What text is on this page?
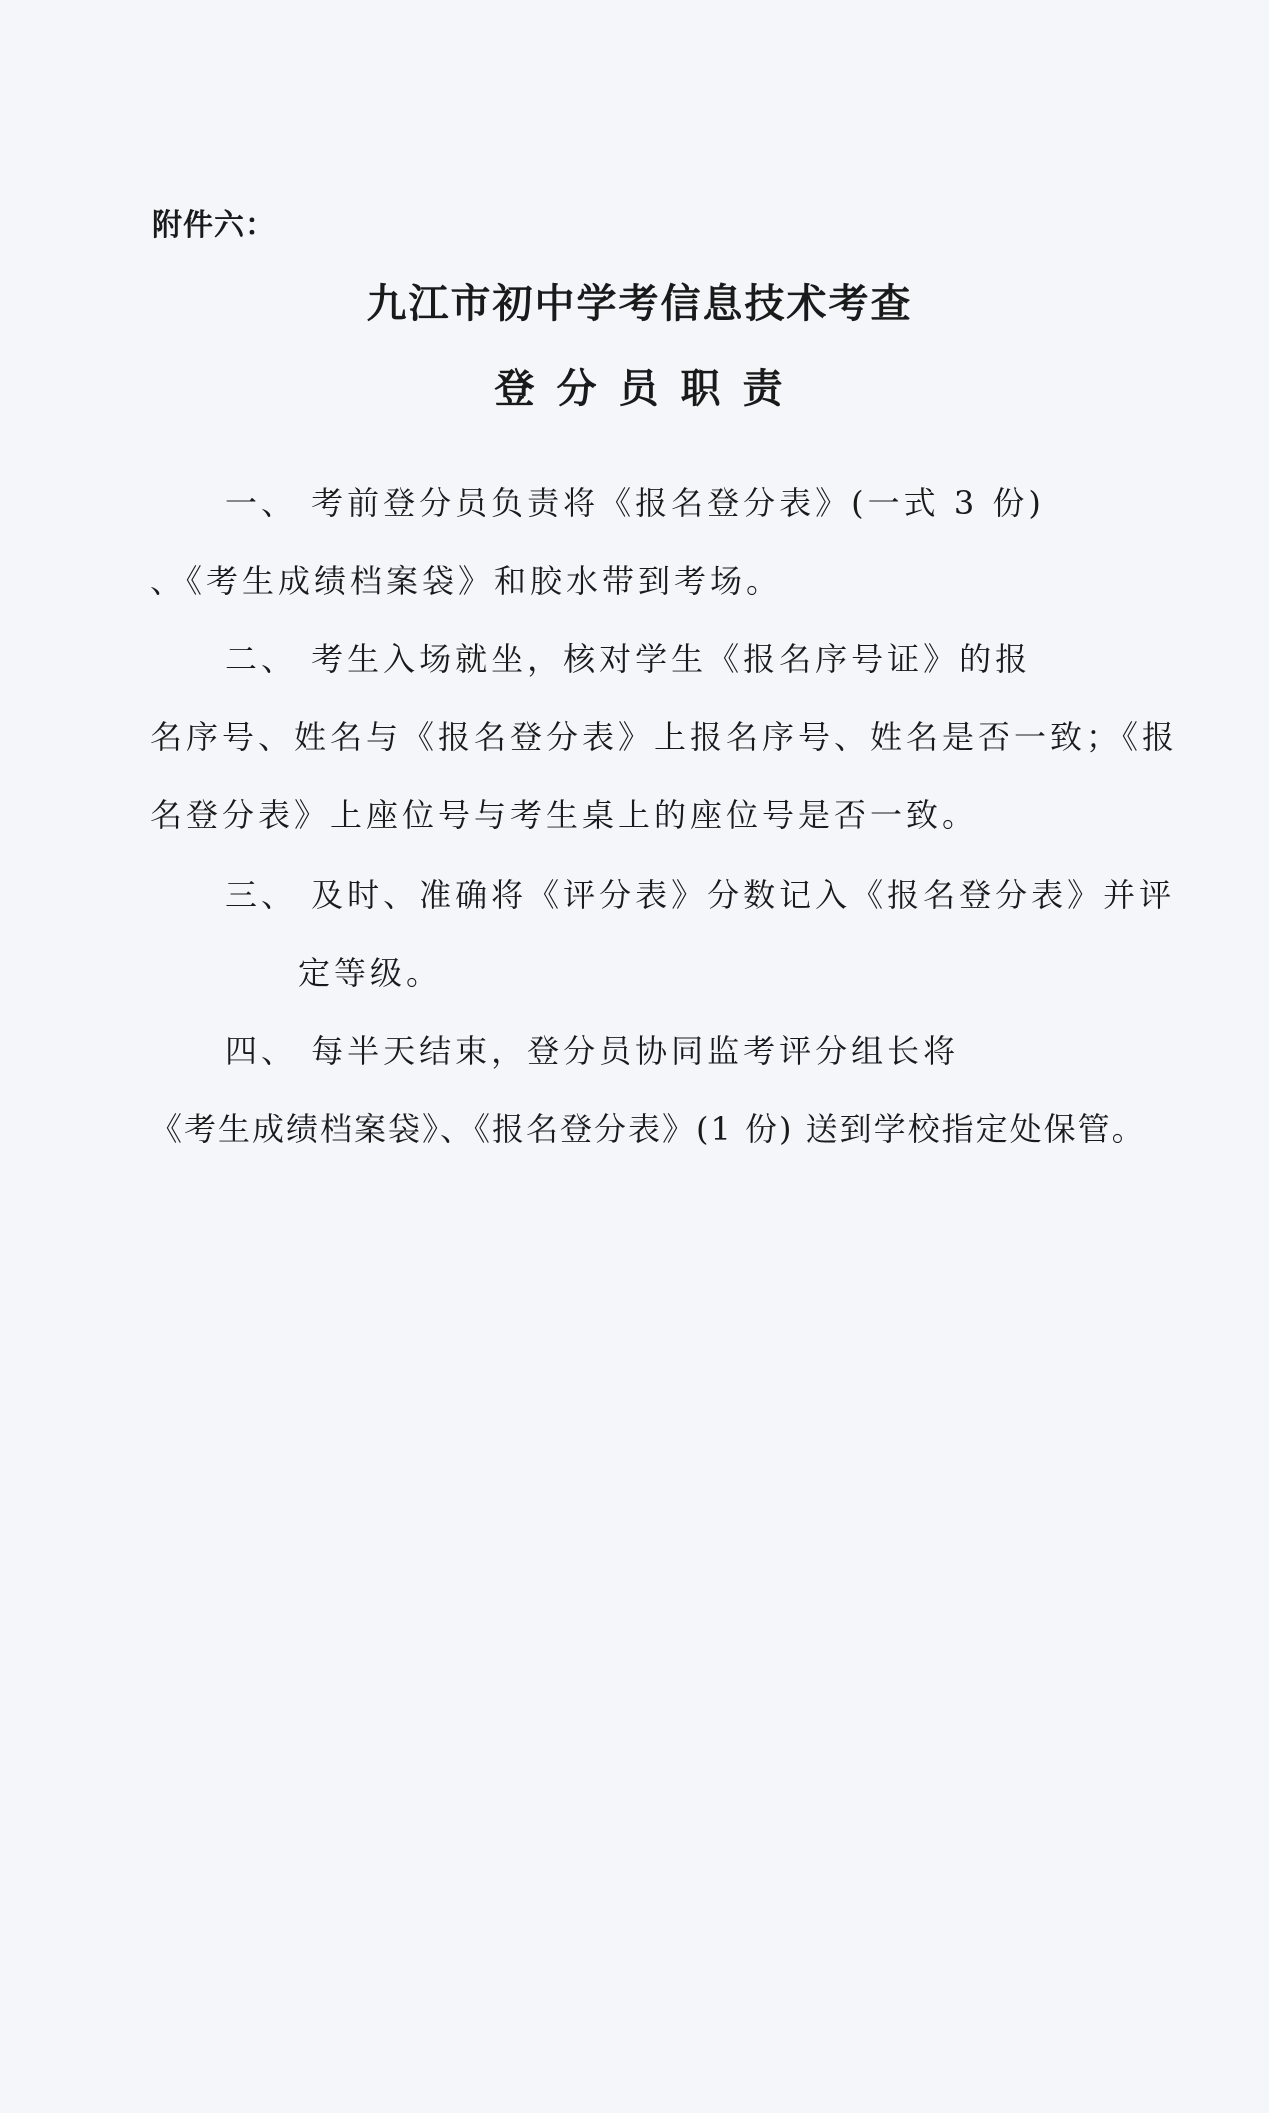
附件六：
九江市初中学考信息技术考查
登分员职责
一、 考前登分员负责将《报名登分表》(一式 3 份)
、《考生成绩档案袋》和胶水带到考场。
二、 考生入场就坐，核对学生《报名序号证》的报
名序号、姓名与《报名登分表》上报名序号、姓名是否一致；《报
名登分表》上座位号与考生桌上的座位号是否一致。
三、 及时、准确将《评分表》分数记入《报名登分表》并评
定等级。
四、 每半天结束，登分员协同监考评分组长将
《考生成绩档案袋》、《报名登分表》(1 份) 送到学校指定处保管。
